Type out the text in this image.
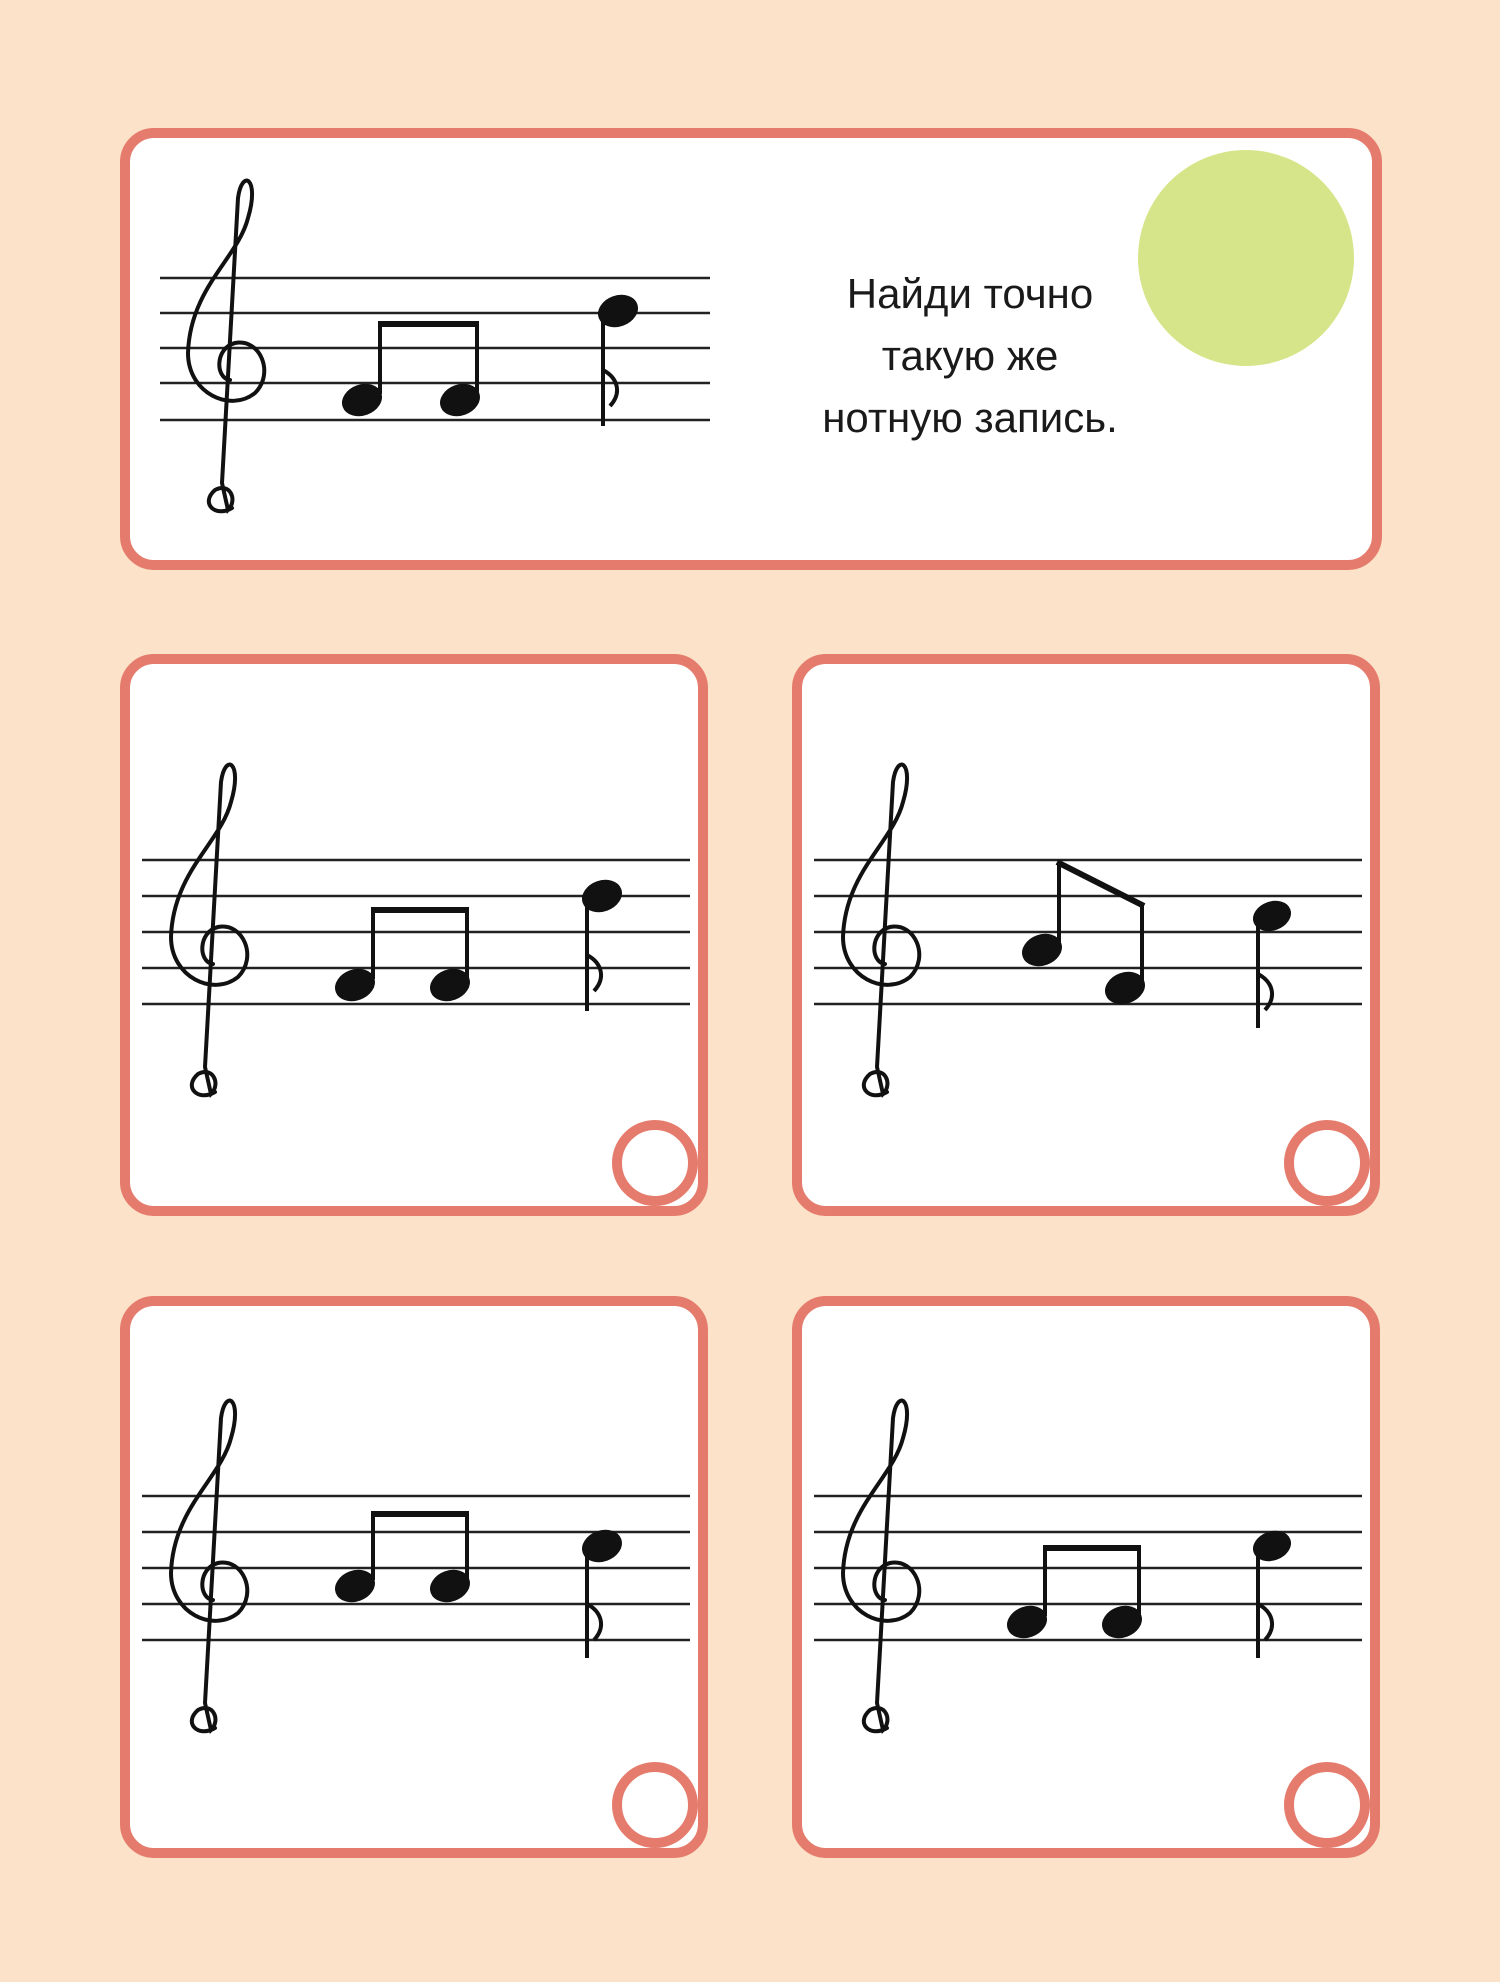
Найди точно
такую же
нотную запись.
